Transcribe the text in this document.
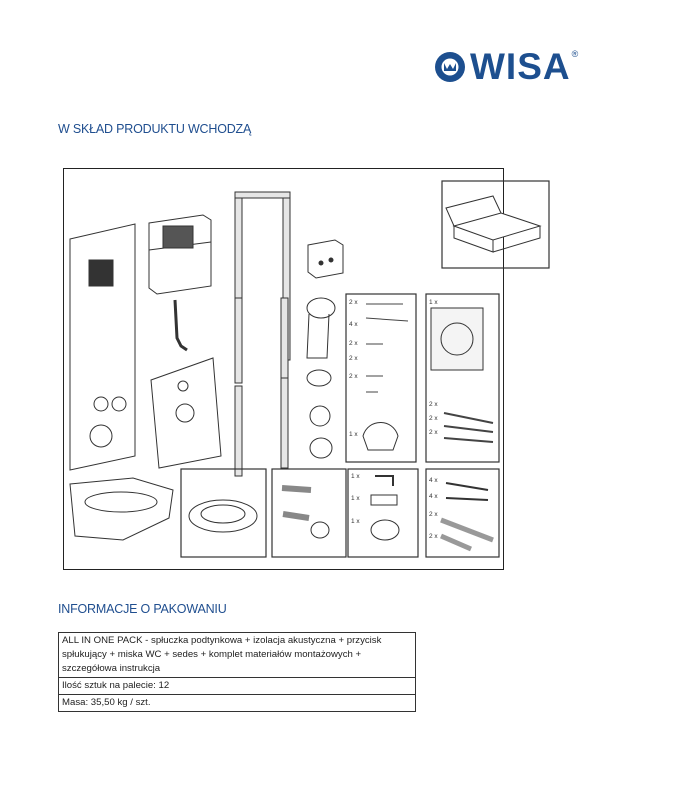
WISA ®
W SKŁAD PRODUKTU WCHODZĄ
2 x
4 x
2 x
2 x
2 x
1 x
1 x
2 x
2 x
2 x
1 x
1 x
1 x
4 x
4 x
2 x
2 x
INFORMACJE O PAKOWANIU
ALL IN ONE PACK - spłuczka podtynkowa + izolacja akustyczna + przycisk spłukujący + miska WC + sedes + komplet materiałów montażowych + szczegółowa instrukcja
Ilość sztuk na palecie: 12
Masa: 35,50 kg / szt.
